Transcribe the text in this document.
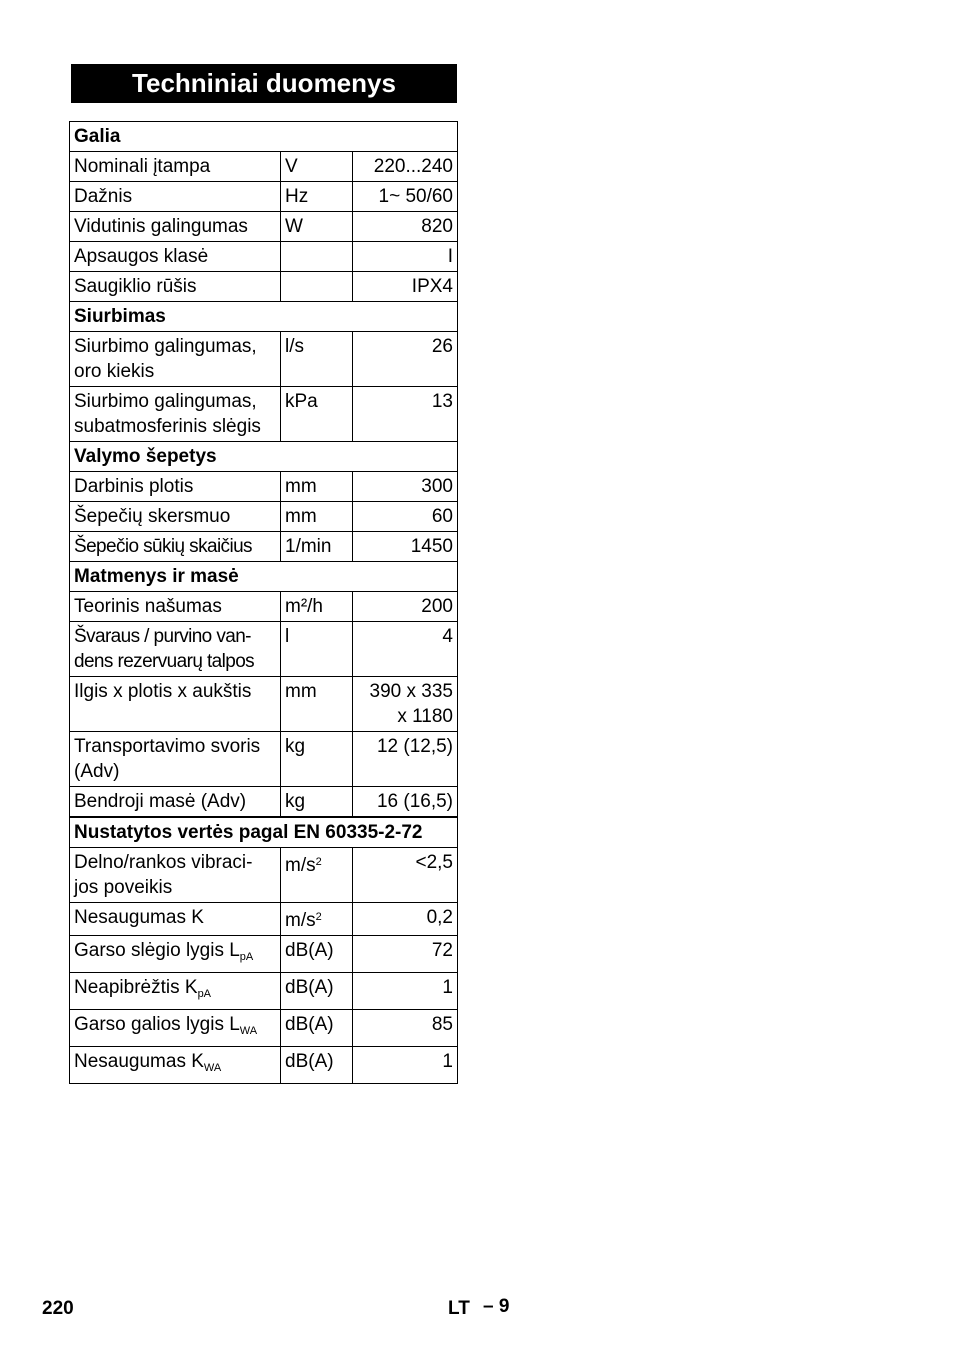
Techniniai duomenys
Galia		
Nominali įtampa	V	220...240
Dažnis	Hz	1~ 50/60
Vidutinis galingumas	W	820
Apsaugos klasė		I
Saugiklio rūšis		IPX4
Siurbimas		
Siurbimo galingumas,
oro kiekis	l/s	26
Siurbimo galingumas,
subatmosferinis slėgis	kPa	13
Valymo šepetys		
Darbinis plotis	mm	300
Šepečių skersmuo	mm	60
Šepečio sūkių skaičius	1/min	1450
Matmenys ir masė		
Teorinis našumas	m²/h	200
Švaraus / purvino van-
dens rezervuarų talpos	l	4
Ilgis x plotis x aukštis	mm	390 x 335
x 1180
Transportavimo svoris
(Adv)	kg	12 (12,5)
Bendroji masė (Adv)	kg	16 (16,5)
Nustatytos vertės pagal EN 60335-2-72		
Delno/rankos vibraci-
jos poveikis	$m/s^2$	<2,5
Nesaugumas K	$m/s^2$	0,2
Garso slėgio lygis $L_{pA}$	dB(A)	72
Neapibrėžtis $K_{pA}$	dB(A)	1
Garso galios lygis $L_{WA}$	dB(A)	85
Nesaugumas $K_{WA}$	dB(A)	1
220	LT – 9
